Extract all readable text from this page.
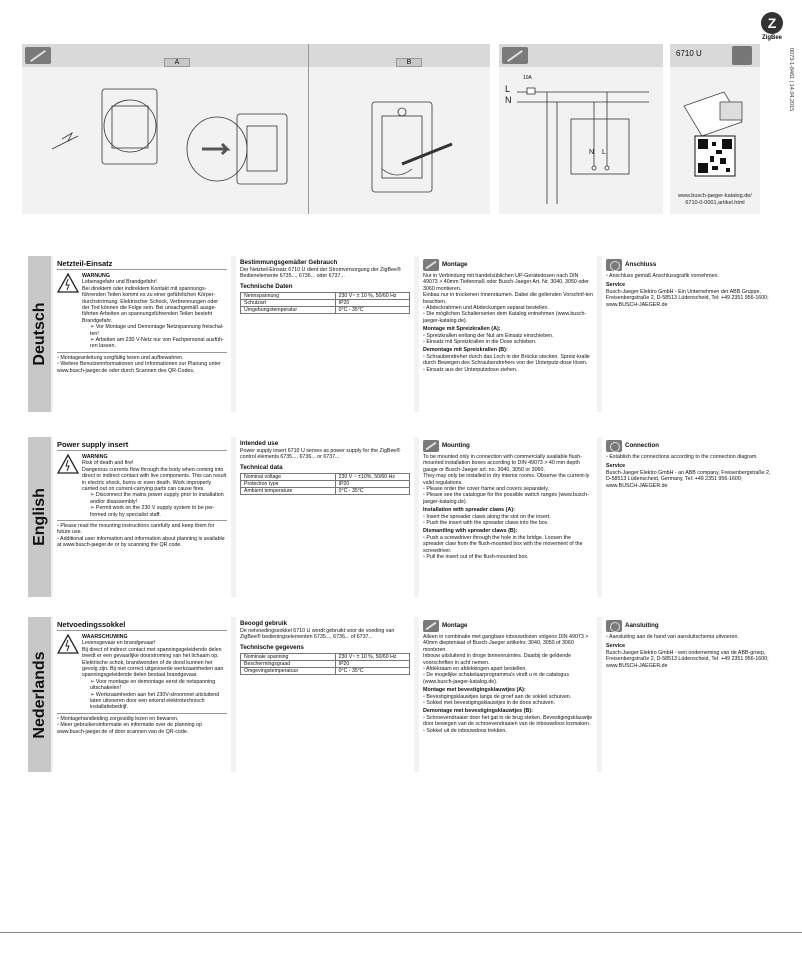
Z
ZigBee
0073-1-8461 | 14.04.2015
A	B
L
N
10A
N L
6710 U
www.busch-jaeger-katalog.de/ 6710-0-0001,artikel.html
Deutsch
Netzteil-Einsatz

WARNUNG

Lebensgefahr und Brandgefahr!

Bei direktem oder indirektem Kontakt mit spannungs-führenden Teilen kommt es zu einer gefährlichen Körper-durchströmung. Elektrischer Schock, Verbrennungen oder der Tod können die Folge sein. Bei unsachgemäß ausge-führten Arbeiten an spannungsführenden Teilen besteht Brandgefahr.

➢ Vor Montage und Demontage Netzspannung freischal-ten!

➢ Arbeiten am 230 V-Netz nur von Fachpersonal ausfüh-ren lassen.

▫ Montageanleitung sorgfältig lesen und aufbewahren.

▫ Weitere Benutzerinformationen und Informationen zur Planung unter www.busch-jaeger.de oder durch Scannen des QR-Codes.

Bestimmungsgemäßer Gebrauch

Der Netzteil-Einsatz 6710 U dient der Stromversorgung der ZigBee® Bedienelemente 6735..., 6736... oder 6737...

Technische Daten
Nennspannung	230 V~ ± 10 %, 50/60 Hz
Schutzart	IP20
Umgebungstemperatur	0°C - 35°C
Montage

Nur in Verbindung mit handelsüblichen UP-Gerätedosen nach DIN 49073 > 40mm Tiefenmaß oder Busch-Jaeger Art. Nr. 3040, 3050 oder 3060 montieren.

Einbau nur in trockenen Innenräumen. Dabei die geltenden Vorschrif-ten beachten.

▫ Abdeckrahmen und Abdeckungen separat bestellen.

▫ Die möglichen Schalterserien dem Katalog entnehmen (www.busch-jaeger-katalog.de).

Montage mit Spreizkrallen (A):

▫ Spreizkrallen entlang der Nut am Einsatz einschieben.

▫ Einsatz mit Spreizkrallen in die Dose schieben.

Demontage mit Spreizkrallen (B):

▫ Schraubendreher durch das Loch in der Brücke stecken. Spreiz-kralle durch Bewegen des Schraubendrehers von der Unterputz-dose lösen.

▫ Einsatz aus der Unterputzdose ziehen.

Anschluss

▫ Anschluss gemäß Anschlussgrafik vornehmen.

Service

Busch-Jaeger Elektro GmbH - Ein Unternehmen der ABB Gruppe, Freisenbergstraße 2, D-58513 Lüdenscheid, Tel: +49 2351 956-1600; www.BUSCH-JAEGER.de

English
Power supply insert

WARNING

Risk of death and fire!

Dangerous currents flow through the body when coming into direct or indirect contact with live components. This can result in electric shock, burns or even death. Work improperly carried out on current-carrying parts can cause fires.

➢ Disconnect the mains power supply prior to installation and/or disassembly!

➢ Permit work on the 230 V supply system to be per-formed only by specialist staff.

▫ Please read the mounting instructions carefully and keep them for future use.

▫ Additional user information and information about planning is available at www.busch-jaeger.de or by scanning the QR code.

Intended use

Power supply insert 6710 U serves as power supply for the ZigBee® control elements 6735..., 6736... or 6737...

Technical data
Nominal voltage	230 V ~ ±10%, 50/60 Hz
Protection type	IP20
Ambient temperature	0°C - 35°C
Mounting

To be mounted only in connection with commercially available flush-mounted installation boxes according to DIN 49073 > 40 mm depth gauge or Busch-Jaeger art. no. 3040, 3050 or 3060.

They may only be installed in dry interior rooms. Observe the current-ly valid regulations.

▫ Please order the cover frame and covers separately.

▫ Please see the catalogue for the possible switch ranges (www.busch-jaeger-katalog.de).

Installation with spreader claws (A):

▫ Insert the spreader claws along the slot on the insert.

▫ Push the insert with the spreader claws into the box.

Dismantling with spreader claws (B):

▫ Push a screwdriver through the hole in the bridge. Loosen the spreader claw from the flush-mounted box with the movement of the screwdriver.

▫ Pull the insert out of the flush-mounted box.

Connection

▫ Establish the connections according to the connection diagram.

Service

Busch-Jaeger Elektro GmbH - an ABB company, Freisenbergstraße 2, D-58513 Lüdenscheid, Germany, Tel: +49 2351 956-1600; www.BUSCH-JAEGER.de

Nederlands
Netvoedingssokkel

WAARSCHUWING

Levensgevaar en brandgevaar!

Bij direct of indirect contact met spanningsgeleidende delen treedt er een gevaarlijke doorstroming van het lichaam op. Elektrische schok, brandwonden of de dood kunnen het gevolg zijn. Bij niet correct uitgevoerde werkzaamheden aan spanningsgeleidende delen bestaat brandgevaar.

➢ Voor montage en demontage eerst de netspanning uitschakelen!

➢ Werkzaamheden aan het 230V-stroomnet uitsluitend laten uitvoeren door een erkend elektrotechnisch installatiebedrijf.

▫ Montagehandleiding zorgvuldig lezen en bewaren.

▫ Meer gebruikersinformatie en informatie over de planning op www.busch-jaeger.de of door scannen van de QR-code.

Beoogd gebruik

De netvoedingssokkel 6710 U wordt gebruikt voor de voeding van ZigBee® bedieningselementen 6735..., 6736... of 6737...

Technische gegevens
Nominale spanning	230 V~ ± 10 %, 50/60 Hz
Beschermingsgraad	IP20
Omgevingstemperatuur	0°C - 35°C
Montage

Alleen in combinatie met gangbare inbouwdozen volgens DIN 49073 > 40mm diepteniaat of Busch-Jaeger artikelnr. 3040, 3050 of 3060 monteren.

Inbouw uitsluitend in droge binnenruimtes. Daarbij de geldende voorschriften in acht nemen.

▫ Afdekraam en afdekkingen apart bestellen.

▫ De mogelijke schakelaarprogramma's vindt u in de catalogus (www.busch-jaeger-katalog.de).

Montage met bevestigingsklauwtjes (A):

▫ Bevestigingsklauwtjes langs de groef aan de sokkel schuiven.

▫ Sokkel met bevestigingsklauwtjes in de doos schuiven.

Demontage met bevestigingsklauwtjes (B):

▫ Schroevendraaier door het gat in de brug steken. Bevestigingsklauwtje door bewegen van de schroevendraaien van de inbouwdoos losmaken.

▫ Sokkel uit de inbouwdoos trekken.

Aansluiting

▫ Aansluiting aan de hand van aansluitschema uitvoeren.

Service

Busch-Jaeger Elektro GmbH - een onderneming van de ABB-groep, Freisenbergstraße 2, D-58513 Lüdenscheid, Tel: +49 2351 956-1600; www.BUSCH-JAEGER.de
